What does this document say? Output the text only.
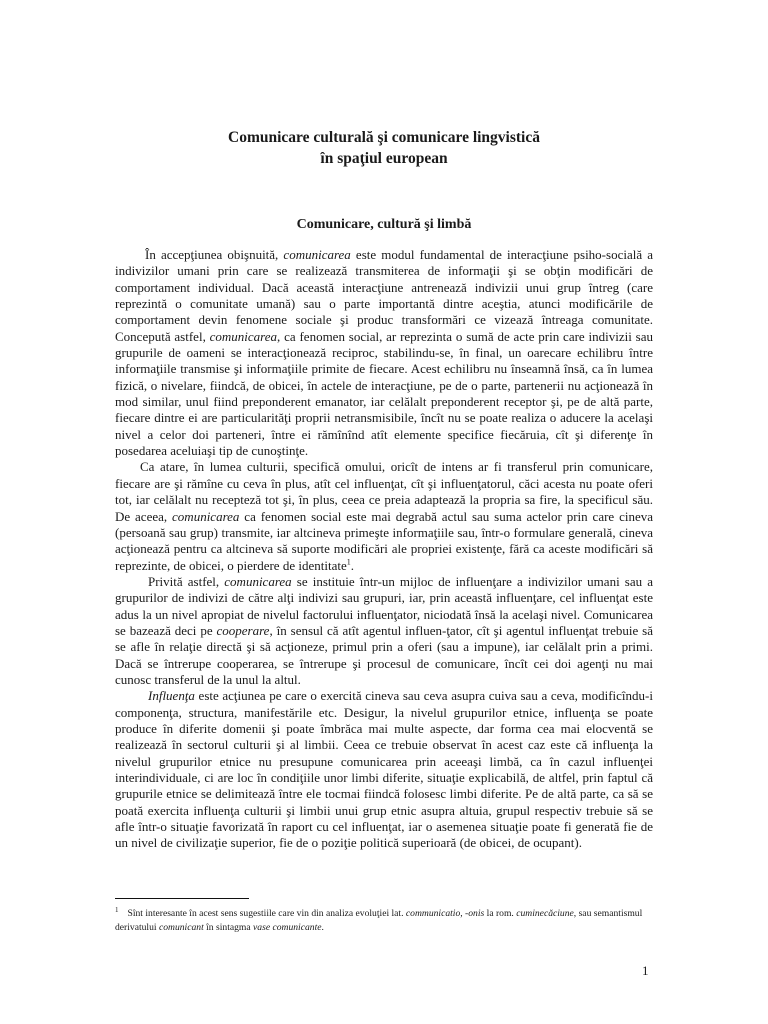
Comunicare culturală şi comunicare lingvistică
în spaţiul european
Comunicare, cultură şi limbă

În accepţiunea obişnuită, comunicarea este modul fundamental de interacţiune psiho-socială a indivizilor umani prin care se realizează transmiterea de informaţii şi se obţin modificări de comportament individual. Dacă această interacţiune antrenează indivizii unui grup întreg (care reprezintă o comunitate umană) sau o parte importantă dintre aceştia, atunci modificările de comportament devin fenomene sociale şi produc transformări ce vizează întreaga comunitate. Concepută astfel, comunicarea, ca fenomen social, ar reprezinta o sumă de acte prin care indivizii sau grupurile de oameni se interacţionează reciproc, stabilindu-se, în final, un oarecare echilibru între informaţiile transmise şi informaţiile primite de fiecare. Acest echilibru nu înseamnă însă, ca în lumea fizică, o nivelare, fiindcă, de obicei, în actele de interacţiune, pe de o parte, partenerii nu acţionează în mod similar, unul fiind preponderent emanator, iar celălalt preponderent receptor şi, pe de altă parte, fiecare dintre ei are particularităţi proprii netransmisibile, încît nu se poate realiza o aducere la acelaşi nivel a celor doi parteneri, între ei rămînînd atît elemente specifice fiecăruia, cît şi diferenţe în posedarea aceluiaşi tip de cunoştinţe.

Ca atare, în lumea culturii, specifică omului, oricît de intens ar fi transferul prin comunicare, fiecare are şi rămîne cu ceva în plus, atît cel influenţat, cît şi influenţatorul, căci acesta nu poate oferi tot, iar celălalt nu recepteză tot şi, în plus, ceea ce preia adaptează la propria sa fire, la specificul său. De aceea, comunicarea ca fenomen social este mai degrabă actul sau suma actelor prin care cineva (persoană sau grup) transmite, iar altcineva primeşte informaţiile sau, într-o formulare generală, cineva acţionează pentru ca altcineva să suporte modificări ale propriei existenţe, fără ca aceste modificări să reprezinte, de obicei, o pierdere de identitate$^1$.

Privită astfel, comunicarea se instituie într-un mijloc de influenţare a indivizilor umani sau a grupurilor de indivizi de către alţi indivizi sau grupuri, iar, prin această influenţare, cel influenţat este adus la un nivel apropiat de nivelul factorului influenţator, niciodată însă la acelaşi nivel. Comunicarea se bazează deci pe cooperare, în sensul că atît agentul influen-ţator, cît şi agentul influenţat trebuie să se afle în relaţie directă şi să acţioneze, primul prin a oferi (sau a impune), iar celălalt prin a primi. Dacă se întrerupe cooperarea, se întrerupe şi procesul de comunicare, încît cei doi agenţi nu mai cunosc transferul de la unul la altul.

Influenţa este acţiunea pe care o exercită cineva sau ceva asupra cuiva sau a ceva, modificîndu-i componenţa, structura, manifestările etc. Desigur, la nivelul grupurilor etnice, influenţa se poate produce în diferite domenii şi poate îmbrăca mai multe aspecte, dar forma cea mai elocventă se realizează în sectorul culturii şi al limbii. Ceea ce trebuie observat în acest caz este că influenţa la nivelul grupurilor etnice nu presupune comunicarea prin aceeaşi limbă, ca în cazul influenţei interindividuale, ci are loc în condiţiile unor limbi diferite, situaţie explicabilă, de altfel, prin faptul că grupurile etnice se delimitează între ele tocmai fiindcă folosesc limbi diferite. Pe de altă parte, ca să se poată exercita influenţa culturii şi limbii unui grup etnic asupra altuia, grupul respectiv trebuie să se afle într-o situaţie favorizată în raport cu cel influenţat, iar o asemenea situaţie poate fi generată fie de un nivel de civilizaţie superior, fie de o poziţie politică superioară (de obicei, de ocupant).

$^1$ Sînt interesante în acest sens sugestiile care vin din analiza evoluţiei lat. communicatio, -onis la rom. cuminecăciune, sau semantismul derivatului comunicant în sintagma vase comunicante.
1
